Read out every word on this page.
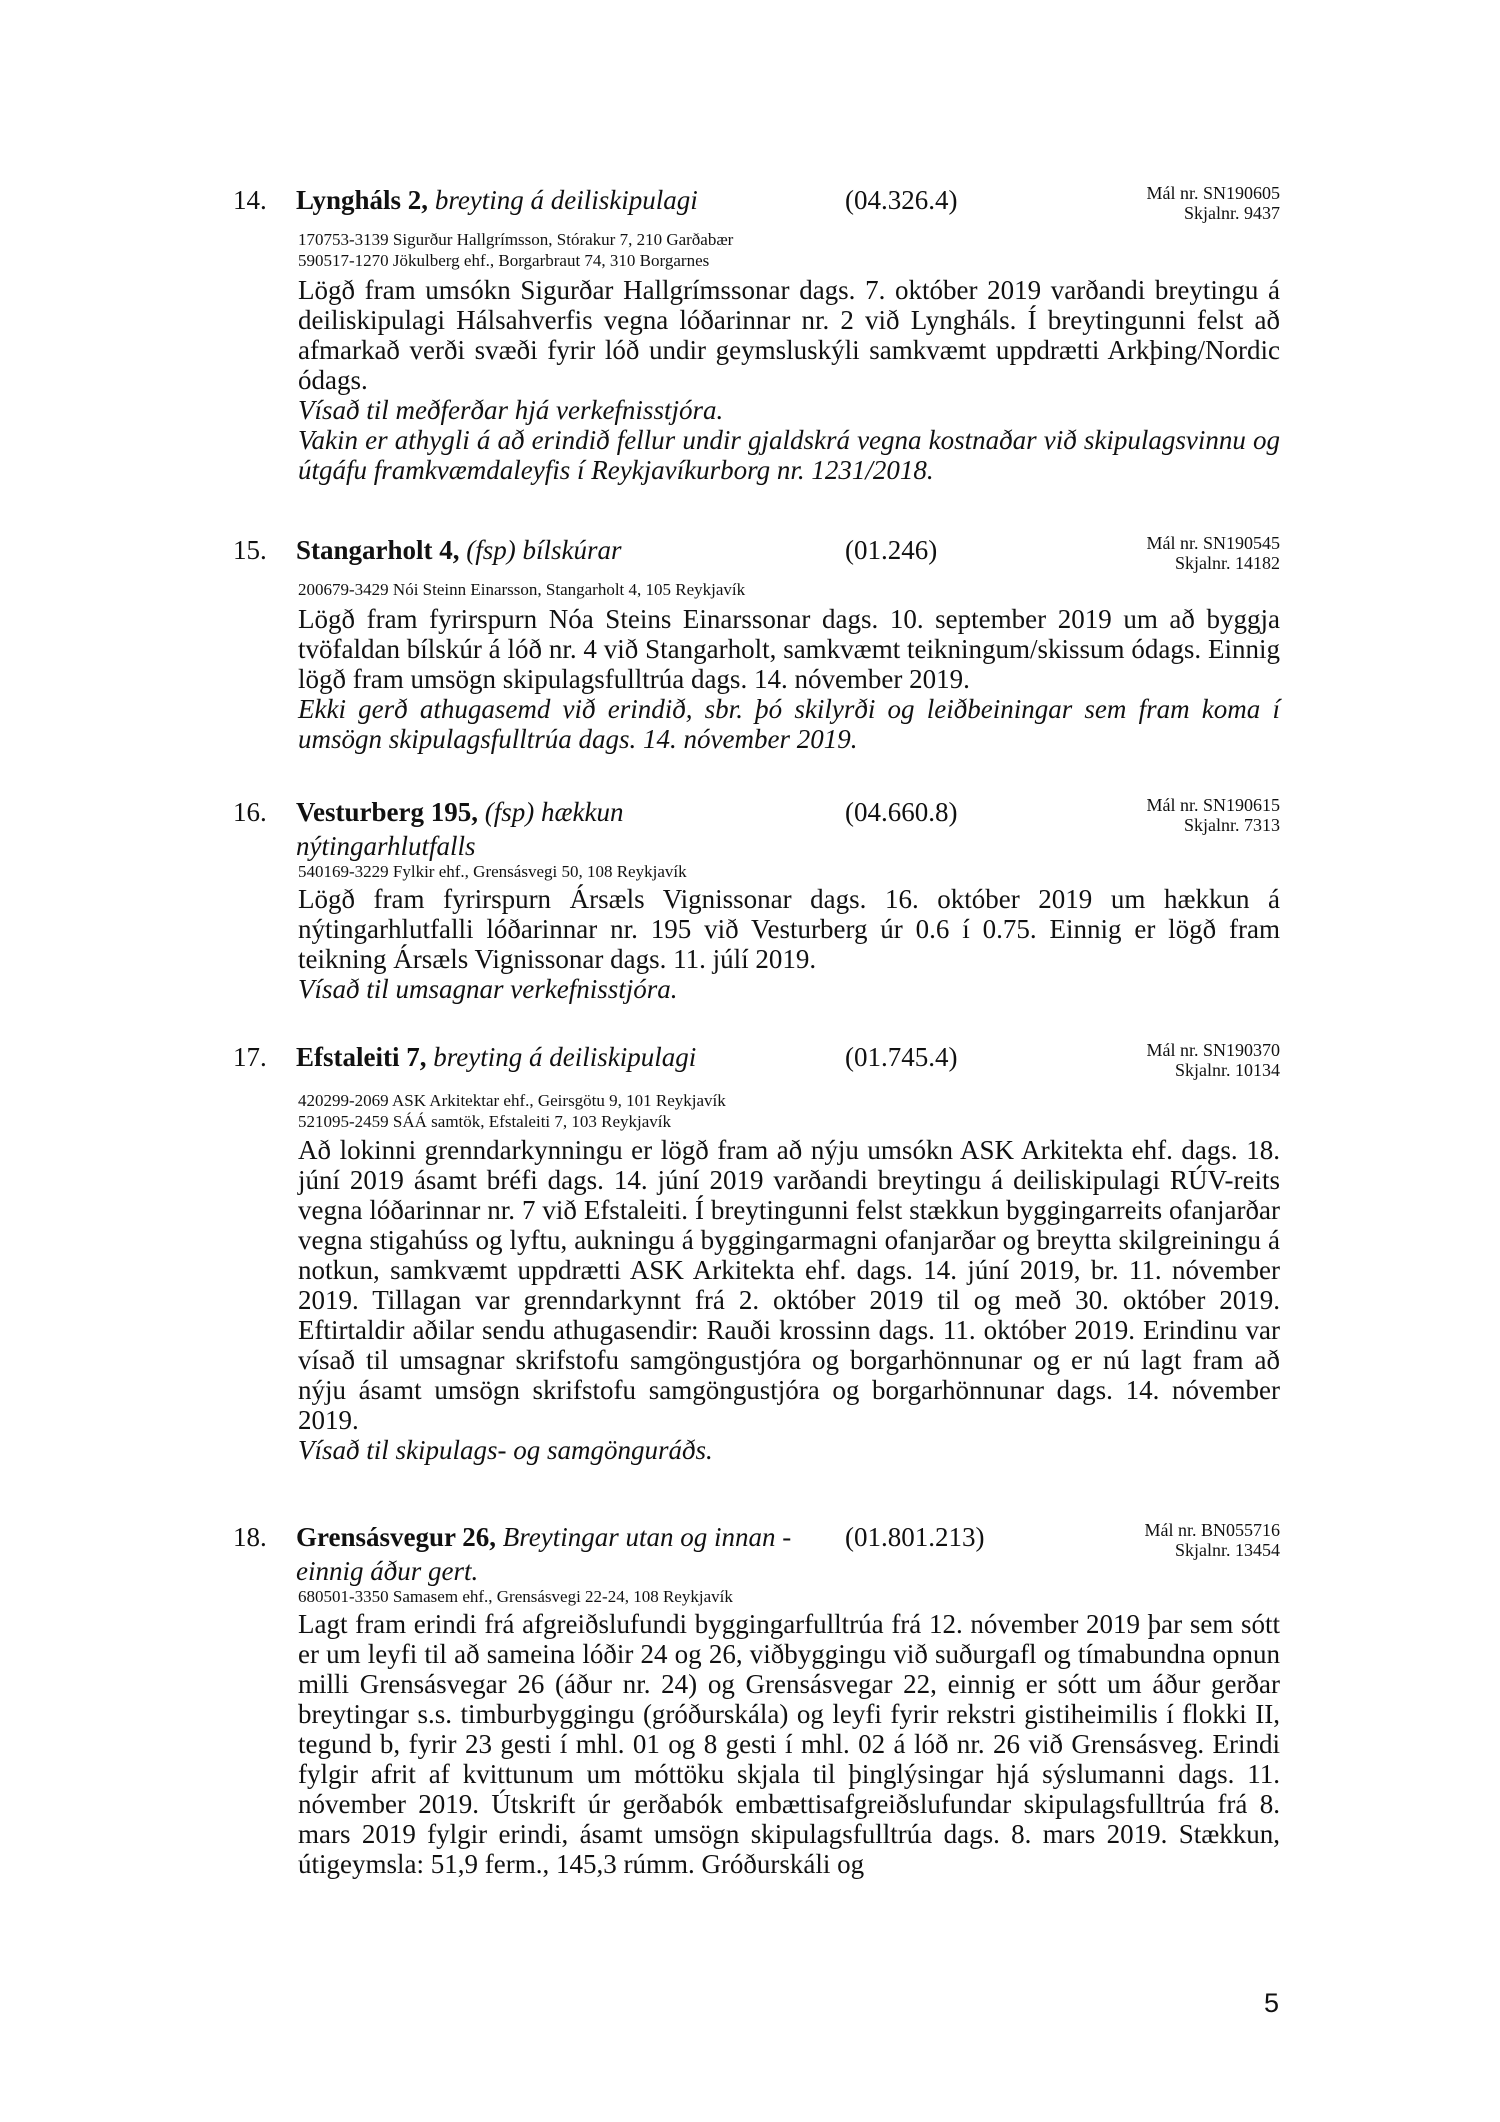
14. Lyngháls 2, breyting á deiliskipulagi	(04.326.4)	Mál nr. SN190605
Skjalnr. 9437
170753-3139 Sigurður Hallgrímsson, Stórakur 7, 210 Garðabær
590517-1270 Jökulberg ehf., Borgarbraut 74, 310 Borgarnes

Lögð fram umsókn Sigurðar Hallgrímssonar dags. 7. október 2019 varðandi breytingu á deiliskipulagi Hálsahverfis vegna lóðarinnar nr. 2 við Lyngháls. Í breytingunni felst að afmarkað verði svæði fyrir lóð undir geymsluskýli samkvæmt uppdrætti Arkþing/Nordic ódags.

Vísað til meðferðar hjá verkefnisstjóra.

Vakin er athygli á að erindið fellur undir gjaldskrá vegna kostnaðar við skipulagsvinnu og útgáfu framkvæmdaleyfis í Reykjavíkurborg nr. 1231/2018.

15. Stangarholt 4, (fsp) bílskúrar	(01.246)	Mál nr. SN190545
Skjalnr. 14182
200679-3429 Nói Steinn Einarsson, Stangarholt 4, 105 Reykjavík

Lögð fram fyrirspurn Nóa Steins Einarssonar dags. 10. september 2019 um að byggja tvöfaldan bílskúr á lóð nr. 4 við Stangarholt, samkvæmt teikningum/skissum ódags. Einnig lögð fram umsögn skipulagsfulltrúa dags. 14. nóvember 2019.

Ekki gerð athugasemd við erindið, sbr. þó skilyrði og leiðbeiningar sem fram koma í umsögn skipulagsfulltrúa dags. 14. nóvember 2019.

16. Vesturberg 195, (fsp) hækkun nýtingarhlutfalls
(04.660.8)	Mál nr. SN190615
Skjalnr. 7313
540169-3229 Fylkir ehf., Grensásvegi 50, 108 Reykjavík

Lögð fram fyrirspurn Ársæls Vignissonar dags. 16. október 2019 um hækkun á nýtingarhlutfalli lóðarinnar nr. 195 við Vesturberg úr 0.6 í 0.75. Einnig er lögð fram teikning Ársæls Vignissonar dags. 11. júlí 2019.

Vísað til umsagnar verkefnisstjóra.

17. Efstaleiti 7, breyting á deiliskipulagi	(01.745.4)	Mál nr. SN190370
Skjalnr. 10134
420299-2069 ASK Arkitektar ehf., Geirsgötu 9, 101 Reykjavík
521095-2459 SÁÁ samtök, Efstaleiti 7, 103 Reykjavík

Að lokinni grenndarkynningu er lögð fram að nýju umsókn ASK Arkitekta ehf. dags. 18. júní 2019 ásamt bréfi dags. 14. júní 2019 varðandi breytingu á deiliskipulagi RÚV-reits vegna lóðarinnar nr. 7 við Efstaleiti. Í breytingunni felst stækkun byggingarreits ofanjarðar vegna stigahúss og lyftu, aukningu á byggingarmagni ofanjarðar og breytta skilgreiningu á notkun, samkvæmt uppdrætti ASK Arkitekta ehf. dags. 14. júní 2019, br. 11. nóvember 2019. Tillagan var grenndarkynnt frá 2. október 2019 til og með 30. október 2019. Eftirtaldir aðilar sendu athugasendir: Rauði krossinn dags. 11. október 2019. Erindinu var vísað til umsagnar skrifstofu samgöngustjóra og borgarhönnunar og er nú lagt fram að nýju ásamt umsögn skrifstofu samgöngustjóra og borgarhönnunar dags. 14. nóvember 2019.

Vísað til skipulags- og samgönguráðs.

18. Grensásvegur 26, Breytingar utan og innan - einnig áður gert.
(01.801.213)	Mál nr. BN055716
Skjalnr. 13454
680501-3350 Samasem ehf., Grensásvegi 22-24, 108 Reykjavík

Lagt fram erindi frá afgreiðslufundi byggingarfulltrúa frá 12. nóvember 2019 þar sem sótt er um leyfi til að sameina lóðir 24 og 26, viðbyggingu við suðurgafl og tímabundna opnun milli Grensásvegar 26 (áður nr. 24) og Grensásvegar 22, einnig er sótt um áður gerðar breytingar s.s. timburbyggingu (gróðurskála) og leyfi fyrir rekstri gistiheimilis í flokki II, tegund b, fyrir 23 gesti í mhl. 01 og 8 gesti í mhl. 02 á lóð nr. 26 við Grensásveg. Erindi fylgir afrit af kvittunum um móttöku skjala til þinglýsingar hjá sýslumanni dags. 11. nóvember 2019. Útskrift úr gerðabók embættisafgreiðslufundar skipulagsfulltrúa frá 8. mars 2019 fylgir erindi, ásamt umsögn skipulagsfulltrúa dags. 8. mars 2019. Stækkun, útigeymsla: 51,9 ferm., 145,3 rúmm. Gróðurskáli og

5
